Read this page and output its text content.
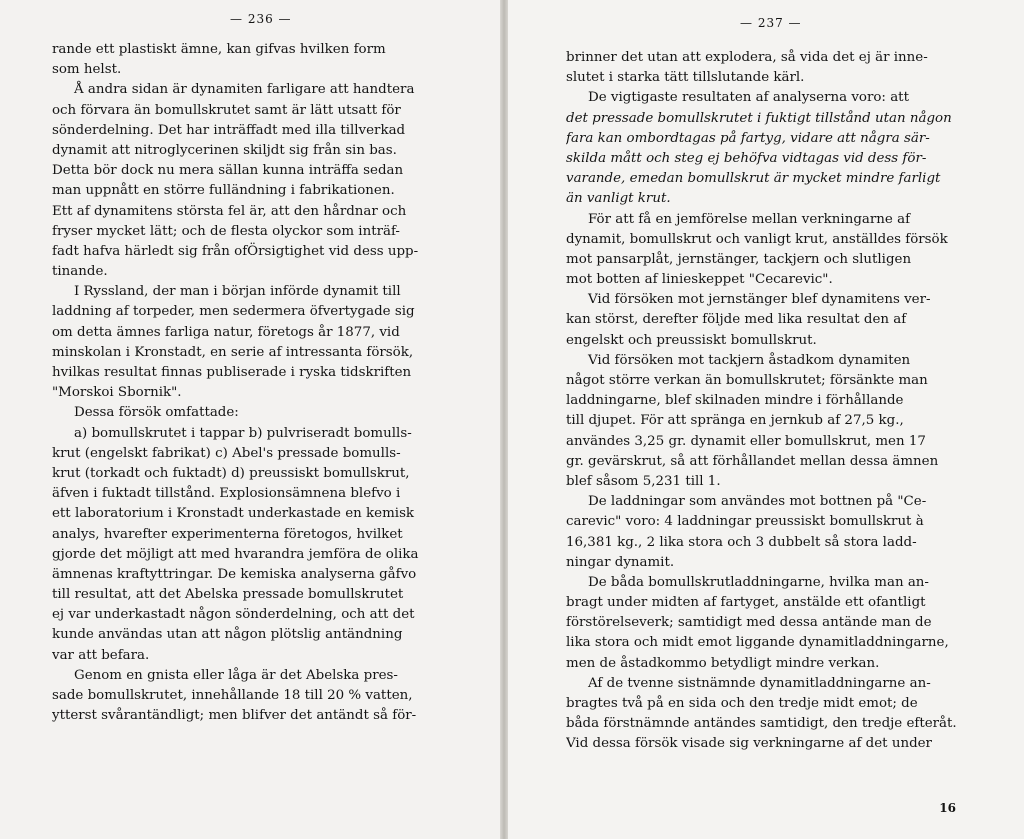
— 236 —
rande ett plastiskt ämne, kan gifvas hvilken form
som helst.
Å andra sidan är dynamiten farligare att handtera
och förvara än bomullskrutet samt är lätt utsatt för
sönderdelning. Det har inträffadt med illa tillverkad
dynamit att nitroglycerinen skiljdt sig från sin bas.
Detta bör dock nu mera sällan kunna inträffa sedan
man uppnått en större fulländning i fabrikationen.
Ett af dynamitens största fel är, att den hårdnar och
fryser mycket lätt; och de flesta olyckor som inträf-
fadt hafva härledt sig från ofÖrsigtighet vid dess upp-
tinande.
I Ryssland, der man i början införde dynamit till
laddning af torpeder, men sedermera öfvertygade sig
om detta ämnes farliga natur, företogs år 1877, vid
minskolan i Kronstadt, en serie af intressanta försök,
hvilkas resultat finnas publiserade i ryska tidskriften
"Morskoi Sbornik".
Dessa försök omfattade:
a) bomullskrutet i tappar b) pulvriseradt bomulls-
krut (engelskt fabrikat) c) Abel's pressade bomulls-
krut (torkadt och fuktadt) d) preussiskt bomullskrut,
äfven i fuktadt tillstånd. Explosionsämnena blefvo i
ett laboratorium i Kronstadt underkastade en kemisk
analys, hvarefter experimenterna företogos, hvilket
gjorde det möjligt att med hvarandra jemföra de olika
ämnenas kraftyttringar. De kemiska analyserna gåfvo
till resultat, att det Abelska pressade bomullskrutet
ej var underkastadt någon sönderdelning, och att det
kunde användas utan att någon plötslig antändning
var att befara.
Genom en gnista eller låga är det Abelska pres-
sade bomullskrutet, innehållande 18 till 20 % vatten,
ytterst svårantändligt; men blifver det antändt så för-
— 237 —
brinner det utan att explodera, så vida det ej är inne-
slutet i starka tätt tillslutande kärl.
De vigtigaste resultaten af analyserna voro: att
det pressade bomullskrutet i fuktigt tillstånd utan någon
fara kan ombordtagas på fartyg, vidare att några sär-
skilda mått och steg ej behöfva vidtagas vid dess för-
varande, emedan bomullskrut är mycket mindre farligt
än vanligt krut.
För att få en jemförelse mellan verkningarne af
dynamit, bomullskrut och vanligt krut, anställdes försök
mot pansarplåt, jernstänger, tackjern och slutligen
mot botten af linieskeppet "Cecarevic".
Vid försöken mot jernstänger blef dynamitens ver-
kan störst, derefter följde med lika resultat den af
engelskt och preussiskt bomullskrut.
Vid försöken mot tackjern åstadkom dynamiten
något större verkan än bomullskrutet; försänkte man
laddningarne, blef skilnaden mindre i förhållande
till djupet. För att spränga en jernkub af 27,5 kg.,
användes 3,25 gr. dynamit eller bomullskrut, men 17
gr. gevärskrut, så att förhållandet mellan dessa ämnen
blef såsom 5,231 till 1.
De laddningar som användes mot bottnen på "Ce-
carevic" voro: 4 laddningar preussiskt bomullskrut à
16,381 kg., 2 lika stora och 3 dubbelt så stora ladd-
ningar dynamit.
De båda bomullskrutladdningarne, hvilka man an-
bragt under midten af fartyget, anstälde ett ofantligt
förstörelseverk; samtidigt med dessa antände man de
lika stora och midt emot liggande dynamitladdningarne,
men de åstadkommo betydligt mindre verkan.
Af de tvenne sistnämnde dynamitladdningarne an-
bragtes två på en sida och den tredje midt emot; de
båda förstnämnde antändes samtidigt, den tredje efteråt.
Vid dessa försök visade sig verkningarne af det under
16
